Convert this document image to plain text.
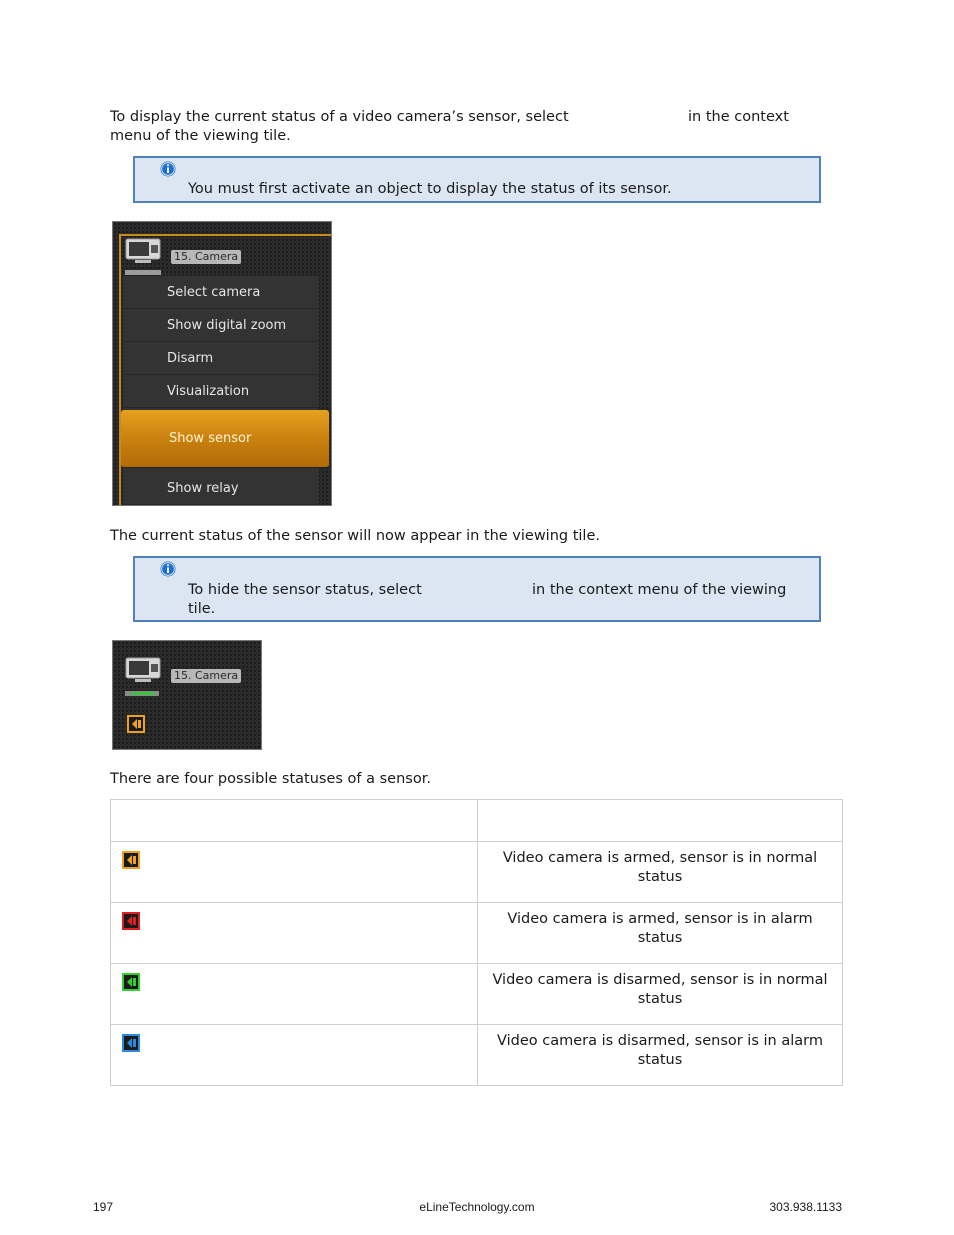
To display the current status of a video camera’s sensor, select	in the context
menu of the viewing tile.
You must first activate an object to display the status of its sensor.
15. Camera
Select camera
Show digital zoom
Disarm
Visualization
Show sensor
Show relay
The current status of the sensor will now appear in the viewing tile.
To hide the sensor status, select	in the context menu of the viewing
tile.
15. Camera
There are four possible statuses of a sensor.

Video camera is armed, sensor is in normal
status

Video camera is armed, sensor is in alarm
status

Video camera is disarmed, sensor is in normal
status

Video camera is disarmed, sensor is in alarm
status
197	eLineTechnology.com	303.938.1133
